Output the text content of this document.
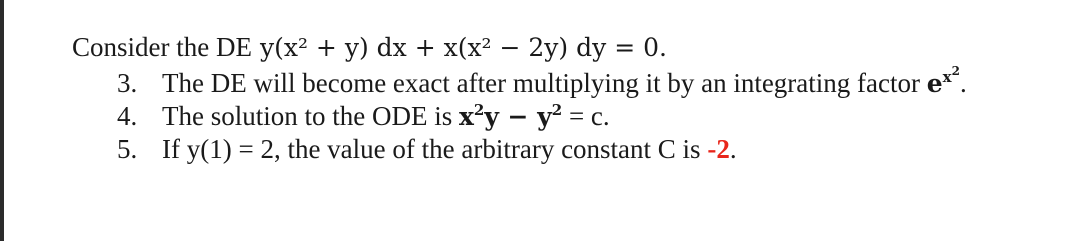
Consider the DE y(x² + y) dx + x(x² − 2y) dy = 0.
3. The DE will become exact after multiplying it by an integrating factor $e^{x^2}$.
4. The solution to the ODE is $x^2y - y^2 = c$.
5. If y(1) = 2, the value of the arbitrary constant C is -2.
